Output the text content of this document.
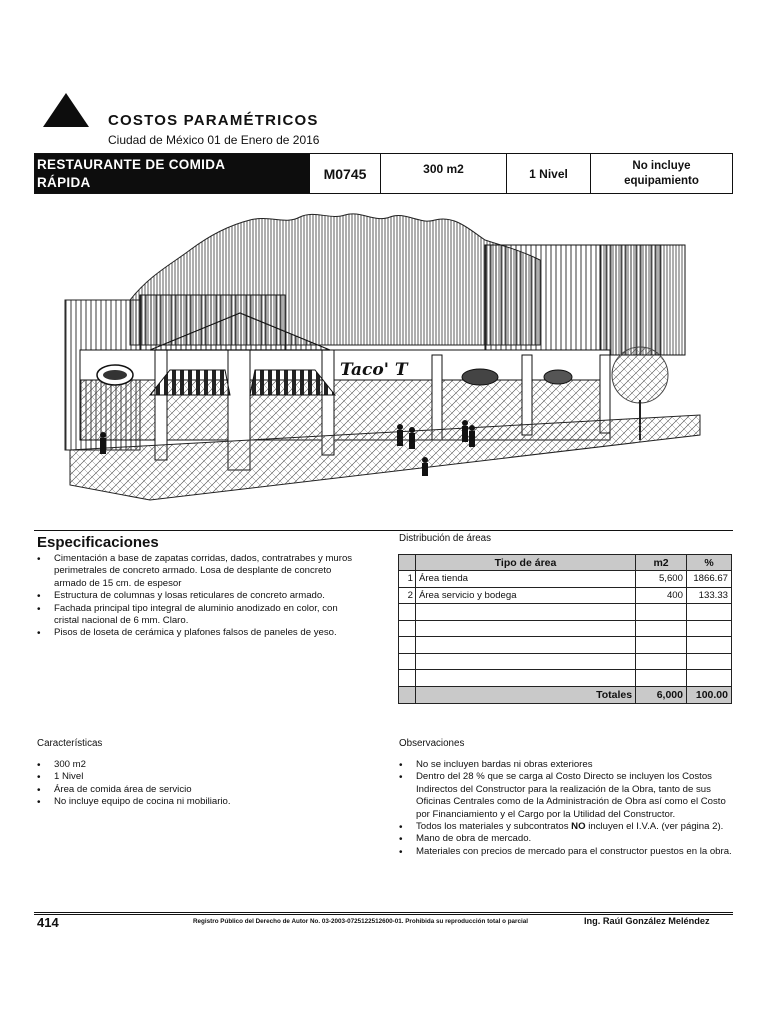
COSTOS PARAMÉTRICOS
Ciudad de México 01 de Enero de 2016
RESTAURANTE DE COMIDA
RÁPIDA
M0745	300 m2	1 Nivel
No incluye
equipamiento
Taco' T
Especificaciones
• Cimentación a base de zapatas corridas, dados, contratrabes y muros perimetrales de concreto armado. Losa de desplante de concreto armado de 15 cm. de espesor
• Estructura de columnas y losas reticulares de concreto armado.
• Fachada principal tipo integral de aluminio anodizado en color, con cristal nacional de 6 mm. Claro.
• Pisos de loseta de cerámica y plafones falsos de paneles de yeso.
Distribución de áreas
	Tipo de área	m2	%
1	Área tienda	5,600	1866.67
2	Área servicio y bodega	400	133.33

	Totales	6,000	100.00
Características
• 300 m2
• 1 Nivel
• Área de comida área de servicio
• No incluye equipo de cocina ni mobiliario.
Observaciones
• No se incluyen bardas ni obras exteriores
• Dentro del 28 % que se carga al Costo Directo se incluyen los Costos Indirectos del Constructor para la realización de la Obra, tanto de sus Oficinas Centrales como de la Administración de Obra así como el Costo por Financiamiento y el Cargo por la Utilidad del Constructor.
• Todos los materiales y subcontratos NO incluyen el I.V.A. (ver página 2).
• Mano de obra de mercado.
• Materiales con precios de mercado para el constructor puestos en la obra.
414	Registro Público del Derecho de Autor No. 03-2003-0725122512600-01. Prohibida su reproducción total o parcial	Ing. Raúl González Meléndez
